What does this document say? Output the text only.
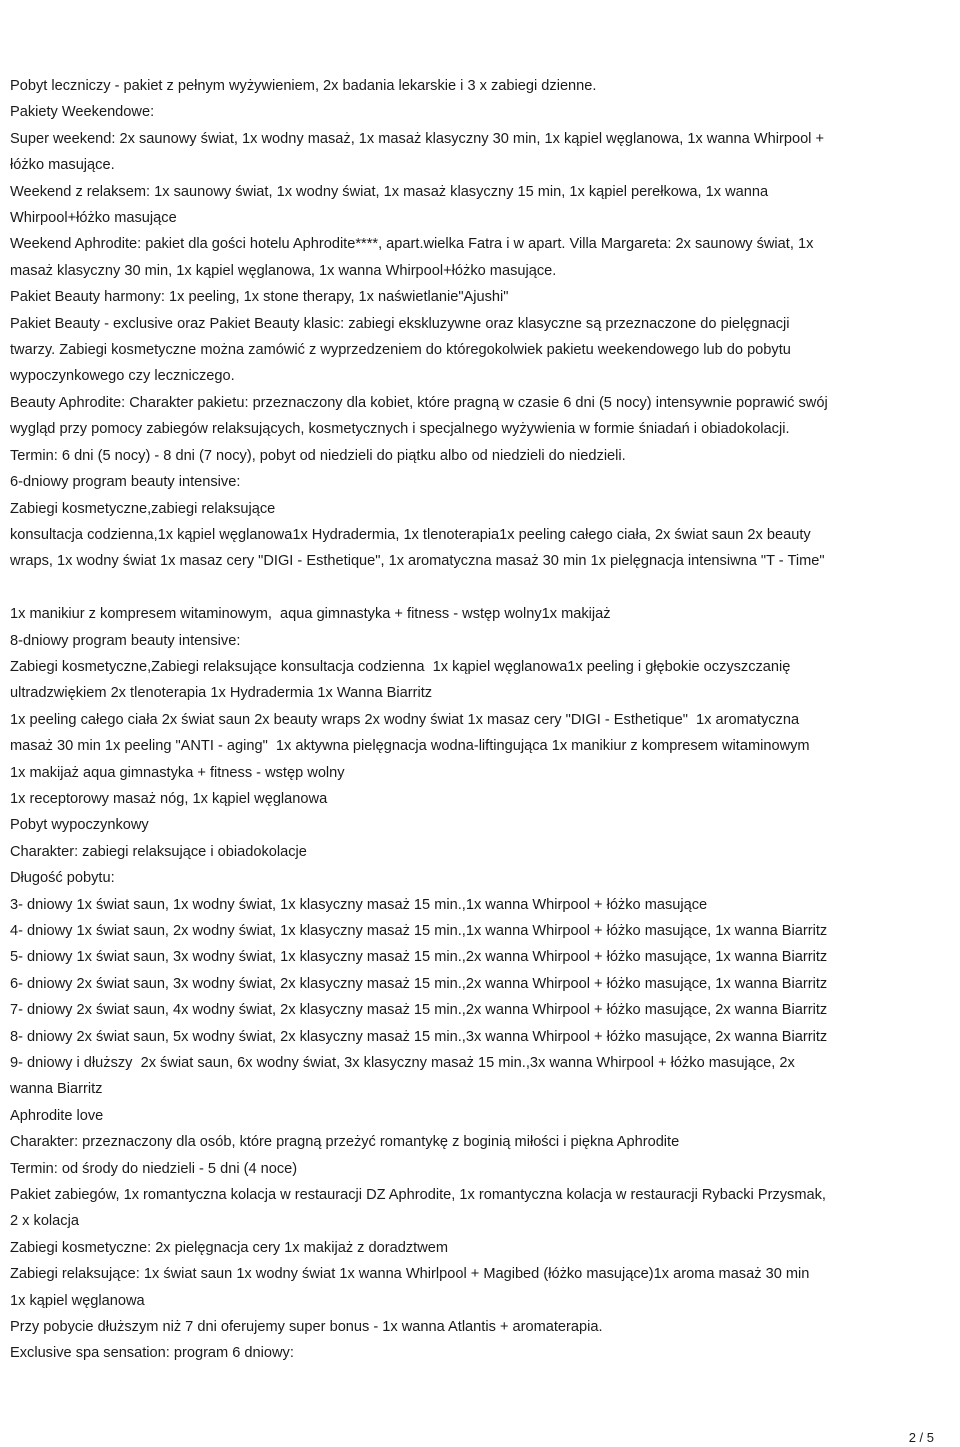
Pobyt leczniczy - pakiet z pełnym wyżywieniem, 2x badania lekarskie i 3 x zabiegi dzienne.
Pakiety Weekendowe:
Super weekend: 2x saunowy świat, 1x wodny masaż, 1x masaż klasyczny 30 min, 1x kąpiel węglanowa, 1x wanna Whirpool +
łóżko masujące.
Weekend z relaksem: 1x saunowy świat, 1x wodny świat, 1x masaż klasyczny 15 min, 1x kąpiel perełkowa, 1x wanna
Whirpool+łóżko masujące
Weekend Aphrodite: pakiet dla gości hotelu Aphrodite****, apart.wielka Fatra i w apart. Villa Margareta: 2x saunowy świat, 1x
masaż klasyczny 30 min, 1x kąpiel węglanowa, 1x wanna Whirpool+łóżko masujące.
Pakiet Beauty harmony: 1x peeling, 1x stone therapy, 1x naświetlanie"Ajushi"
Pakiet Beauty - exclusive oraz Pakiet Beauty klasic: zabiegi ekskluzywne oraz klasyczne są przeznaczone do pielęgnacji
twarzy. Zabiegi kosmetyczne można zamówić z wyprzedzeniem do któregokolwiek pakietu weekendowego lub do pobytu
wypoczynkowego czy leczniczego.
Beauty Aphrodite: Charakter pakietu: przeznaczony dla kobiet, które pragną w czasie 6 dni (5 nocy) intensywnie poprawić swój
wygląd przy pomocy zabiegów relaksujących, kosmetycznych i specjalnego wyżywienia w formie śniadań i obiadokolacji.
Termin: 6 dni (5 nocy) - 8 dni (7 nocy), pobyt od niedzieli do piątku albo od niedzieli do niedzieli.
6-dniowy program beauty intensive:
Zabiegi kosmetyczne,zabiegi relaksujące
konsultacja codzienna,1x kąpiel węglanowa1x Hydradermia, 1x tlenoterapia1x peeling całego ciała, 2x świat saun 2x beauty
wraps, 1x wodny świat 1x masaz cery "DIGI - Esthetique", 1x aromatyczna masaż 30 min 1x pielęgnacja intensiwna "T - Time"
1x manikiur z kompresem witaminowym,  aqua gimnastyka + fitness - wstęp wolny1x makijaż
8-dniowy program beauty intensive:
Zabiegi kosmetyczne,Zabiegi relaksujące konsultacja codzienna  1x kąpiel węglanowa1x peeling i głębokie oczyszczanię
ultradzwiękiem 2x tlenoterapia 1x Hydradermia 1x Wanna Biarritz
1x peeling całego ciała 2x świat saun 2x beauty wraps 2x wodny świat 1x masaz cery "DIGI - Esthetique"  1x aromatyczna
masaż 30 min 1x peeling "ANTI - aging"  1x aktywna pielęgnacja wodna-liftingująca 1x manikiur z kompresem witaminowym
1x makijaż aqua gimnastyka + fitness - wstęp wolny
1x receptorowy masaż nóg, 1x kąpiel węglanowa
Pobyt wypoczynkowy
Charakter: zabiegi relaksujące i obiadokolacje
Długość pobytu:
3- dniowy 1x świat saun, 1x wodny świat, 1x klasyczny masaż 15 min.,1x wanna Whirpool + łóżko masujące
4- dniowy 1x świat saun, 2x wodny świat, 1x klasyczny masaż 15 min.,1x wanna Whirpool + łóżko masujące, 1x wanna Biarritz
5- dniowy 1x świat saun, 3x wodny świat, 1x klasyczny masaż 15 min.,2x wanna Whirpool + łóżko masujące, 1x wanna Biarritz
6- dniowy 2x świat saun, 3x wodny świat, 2x klasyczny masaż 15 min.,2x wanna Whirpool + łóżko masujące, 1x wanna Biarritz
7- dniowy 2x świat saun, 4x wodny świat, 2x klasyczny masaż 15 min.,2x wanna Whirpool + łóżko masujące, 2x wanna Biarritz
8- dniowy 2x świat saun, 5x wodny świat, 2x klasyczny masaż 15 min.,3x wanna Whirpool + łóżko masujące, 2x wanna Biarritz
9- dniowy i dłuższy  2x świat saun, 6x wodny świat, 3x klasyczny masaż 15 min.,3x wanna Whirpool + łóżko masujące, 2x
wanna Biarritz
Aphrodite love
Charakter: przeznaczony dla osób, które pragną przeżyć romantykę z boginią miłości i piękna Aphrodite
Termin: od środy do niedzieli - 5 dni (4 noce)
Pakiet zabiegów, 1x romantyczna kolacja w restauracji DZ Aphrodite, 1x romantyczna kolacja w restauracji Rybacki Przysmak,
2 x kolacja
Zabiegi kosmetyczne: 2x pielęgnacja cery 1x makijaż z doradztwem
Zabiegi relaksujące: 1x świat saun 1x wodny świat 1x wanna Whirlpool + Magibed (łóżko masujące)1x aroma masaż 30 min
1x kąpiel węglanowa
Przy pobycie dłuższym niż 7 dni oferujemy super bonus - 1x wanna Atlantis + aromaterapia.
Exclusive spa sensation: program 6 dniowy:
2 / 5
